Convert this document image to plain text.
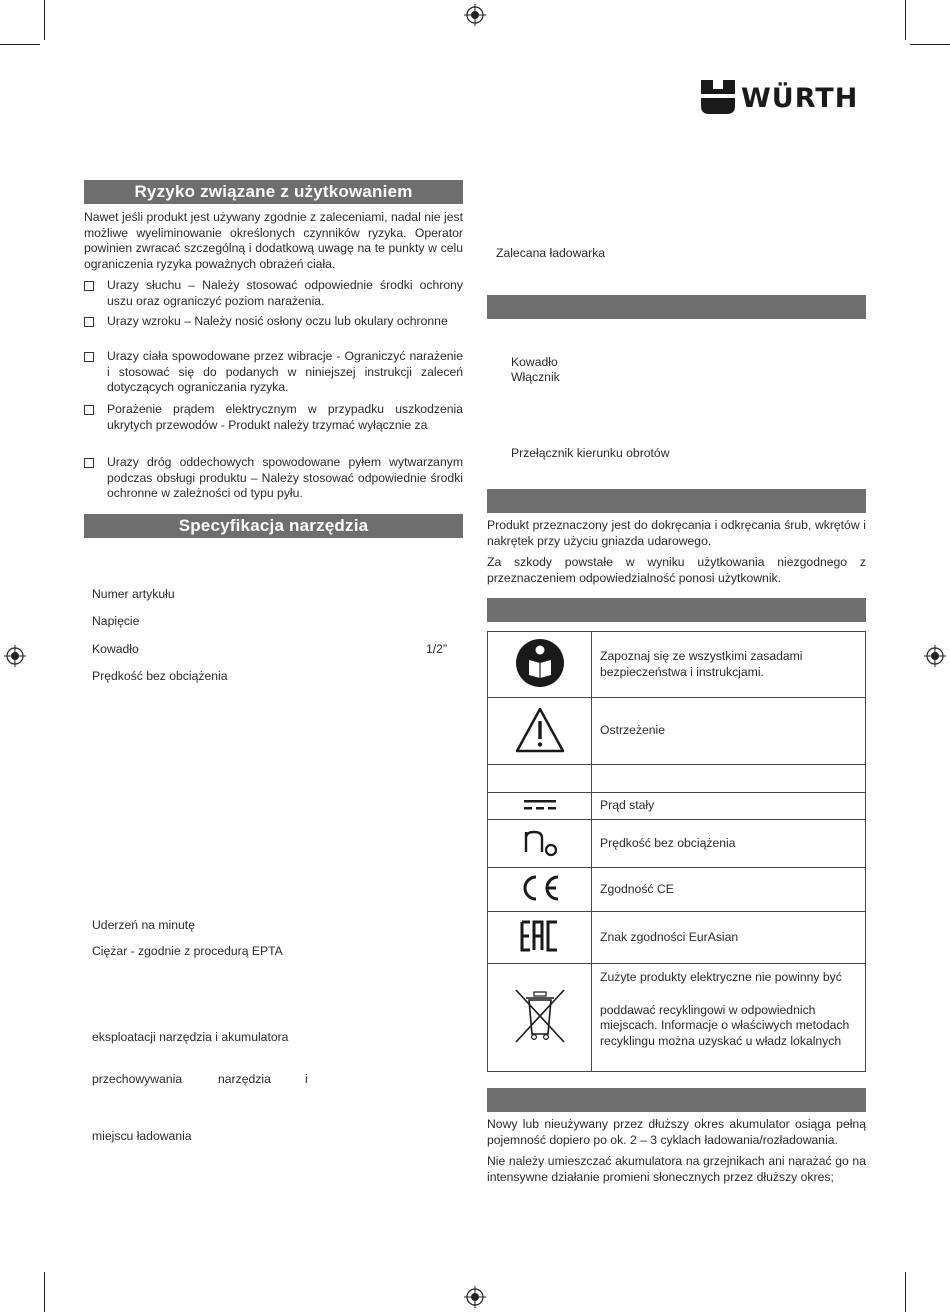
WÜRTH
Ryzyko związane z użytkowaniem
Nawet jeśli produkt jest używany zgodnie z zaleceniami, nadal nie jest możliwe wyeliminowanie określonych czynników ryzyka. Operator powinien zwracać szczególną i dodatkową uwagę na te punkty w celu ograniczenia ryzyka poważnych obrażeń ciała.
Urazy słuchu – Należy stosować odpowiednie środki ochrony uszu oraz ograniczyć poziom narażenia.
Urazy wzroku – Należy nosić osłony oczu lub okulary ochronne
Urazy ciała spowodowane przez wibracje - Ograniczyć narażenie i stosować się do podanych w niniejszej instrukcji zaleceń dotyczących ograniczania ryzyka.
Porażenie prądem elektrycznym w przypadku uszkodzenia ukrytych przewodów - Produkt należy trzymać wyłącznie za
Urazy dróg oddechowych spowodowane pyłem wytwarzanym podczas obsługi produktu – Należy stosować odpowiednie środki ochronne w zależności od typu pyłu.
Specyfikacja narzędzia
Numer artykułu
Napięcie
Kowadło	1/2”
Prędkość bez obciążenia
Uderzeń na minutę
Ciężar - zgodnie z procedurą EPTA
eksploatacji narzędzia i akumulatora
przechowywania	narzędzia	i
miejscu ładowania
Zalecana ładowarka
Kowadło
Włącznik
Przełącznik kierunku obrotów
Produkt przeznaczony jest do dokręcania i odkręcania śrub, wkrętów i nakrętek przy użyciu gniazda udarowego.
Za szkody powstałe w wyniku użytkowania niezgodnego z przeznaczeniem odpowiedzialność ponosi użytkownik.
	Zapoznaj się ze wszystkimi zasadami bezpieczeństwa i instrukcjami.
	Ostrzeżenie

	Prąd stały
	Prędkość bez obciążenia
	Zgodność CE
	Znak zgodności EurAsian

Zużyte produkty elektryczne nie powinny być
poddawać recyklingowi w odpowiednich miejscach. Informacje o właściwych metodach recyklingu można uzyskać u władz lokalnych
Nowy lub nieużywany przez dłuższy okres akumulator osiąga pełną pojemność dopiero po ok. 2 – 3 cyklach ładowania/rozładowania.
Nie należy umieszczać akumulatora na grzejnikach ani narażać go na intensywne działanie promieni słonecznych przez dłuższy okres;
